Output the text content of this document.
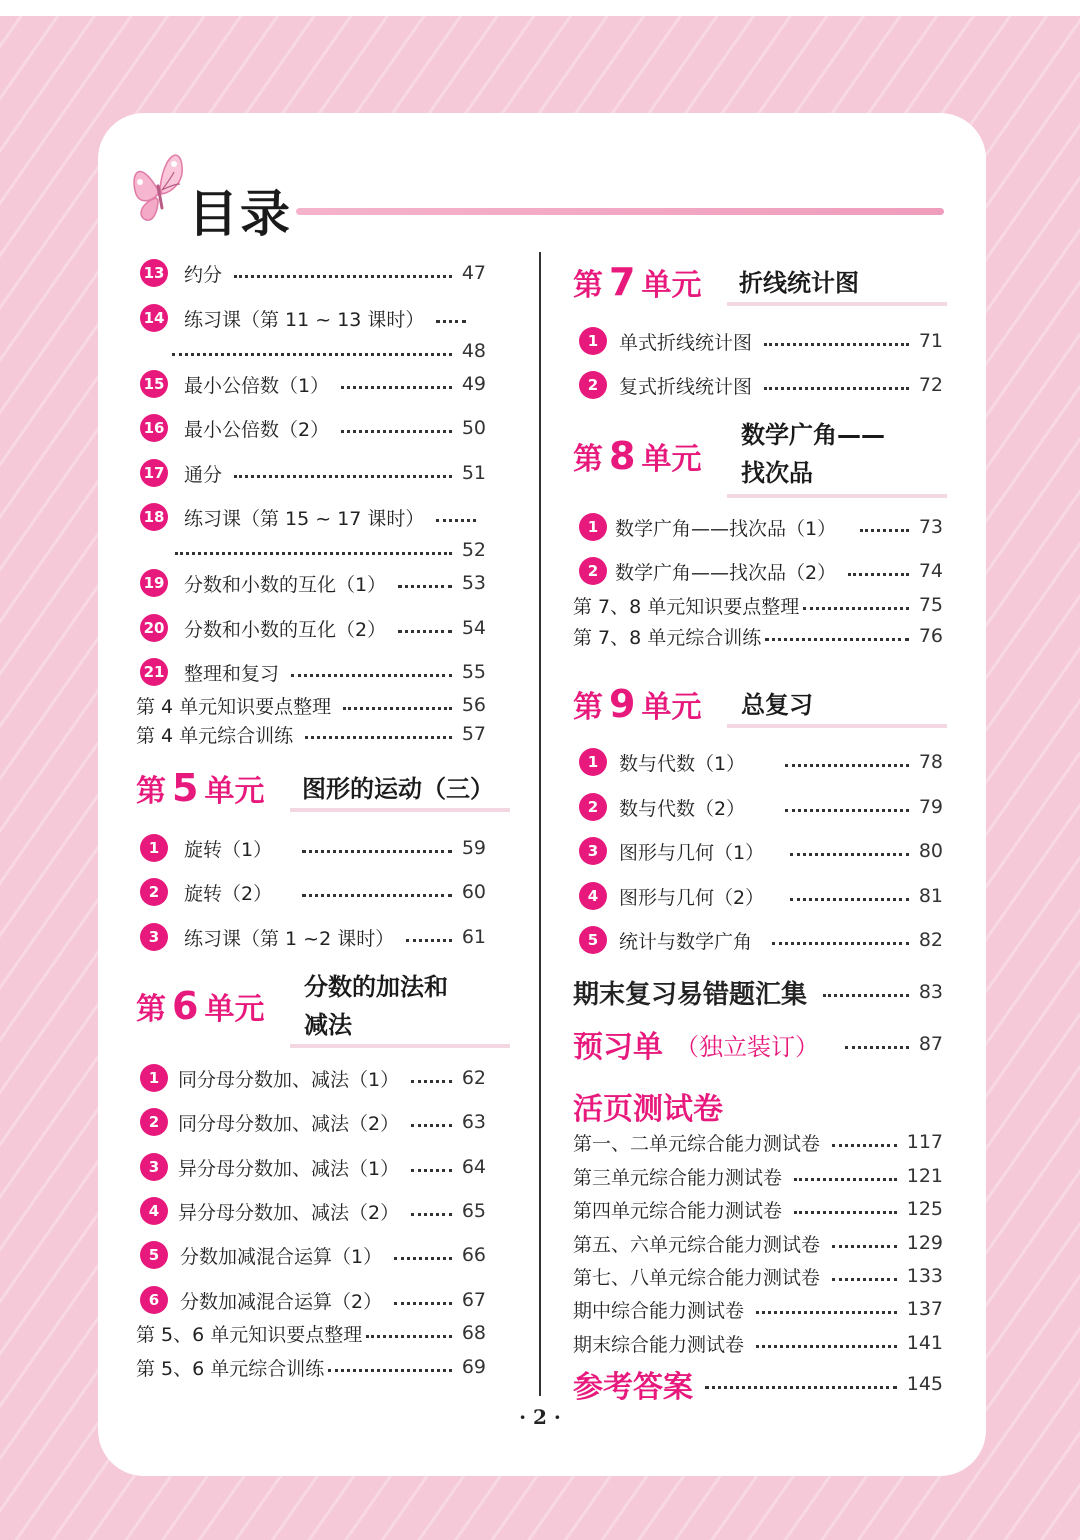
目录
13 约分	47
14 练习课（第 11 ~ 13 课时）
48
15 最小公倍数（1）	49
16 最小公倍数（2）	50
17 通分	51
18 练习课（第 15 ~ 17 课时）
52
19 分数和小数的互化（1）	53
20 分数和小数的互化（2）	54
21 整理和复习	55
第 4 单元知识要点整理	56
第 4 单元综合训练	57
第 5 单元 图形的运动（三）
1	旋转（1）	59
2	旋转（2）	60
3	练习课（第 1 ~2 课时）	61
第 6 单元
分数的加法和
减法
1 同分母分数加、减法（1）	62
2 同分母分数加、减法（2）	63
3 异分母分数加、减法（1）	64
4 异分母分数加、减法（2）	65
5	分数加减混合运算（1）	66
6	分数加减混合运算（2）	67
第 5、6 单元知识要点整理	68
第 5、6 单元综合训练	69
第 7 单元 折线统计图
1	单式折线统计图	71
2	复式折线统计图	72
第 8 单元
数学广角——
找次品
1 数学广角——找次品（1）	73
2 数学广角——找次品（2）	74
第 7、8 单元知识要点整理	75
第 7、8 单元综合训练	76
第 9 单元 总复习
1	数与代数（1）	78
2	数与代数（2）	79
3	图形与几何（1）	80
4	图形与几何（2）	81
5	统计与数学广角	82
期末复习易错题汇集	83
预习单 （独立装订）	87
活页测试卷
第一、二单元综合能力测试卷	117
第三单元综合能力测试卷	121
第四单元综合能力测试卷	125
第五、六单元综合能力测试卷	129
第七、八单元综合能力测试卷	133
期中综合能力测试卷	137
期末综合能力测试卷	141
参考答案	145
· 2 ·
